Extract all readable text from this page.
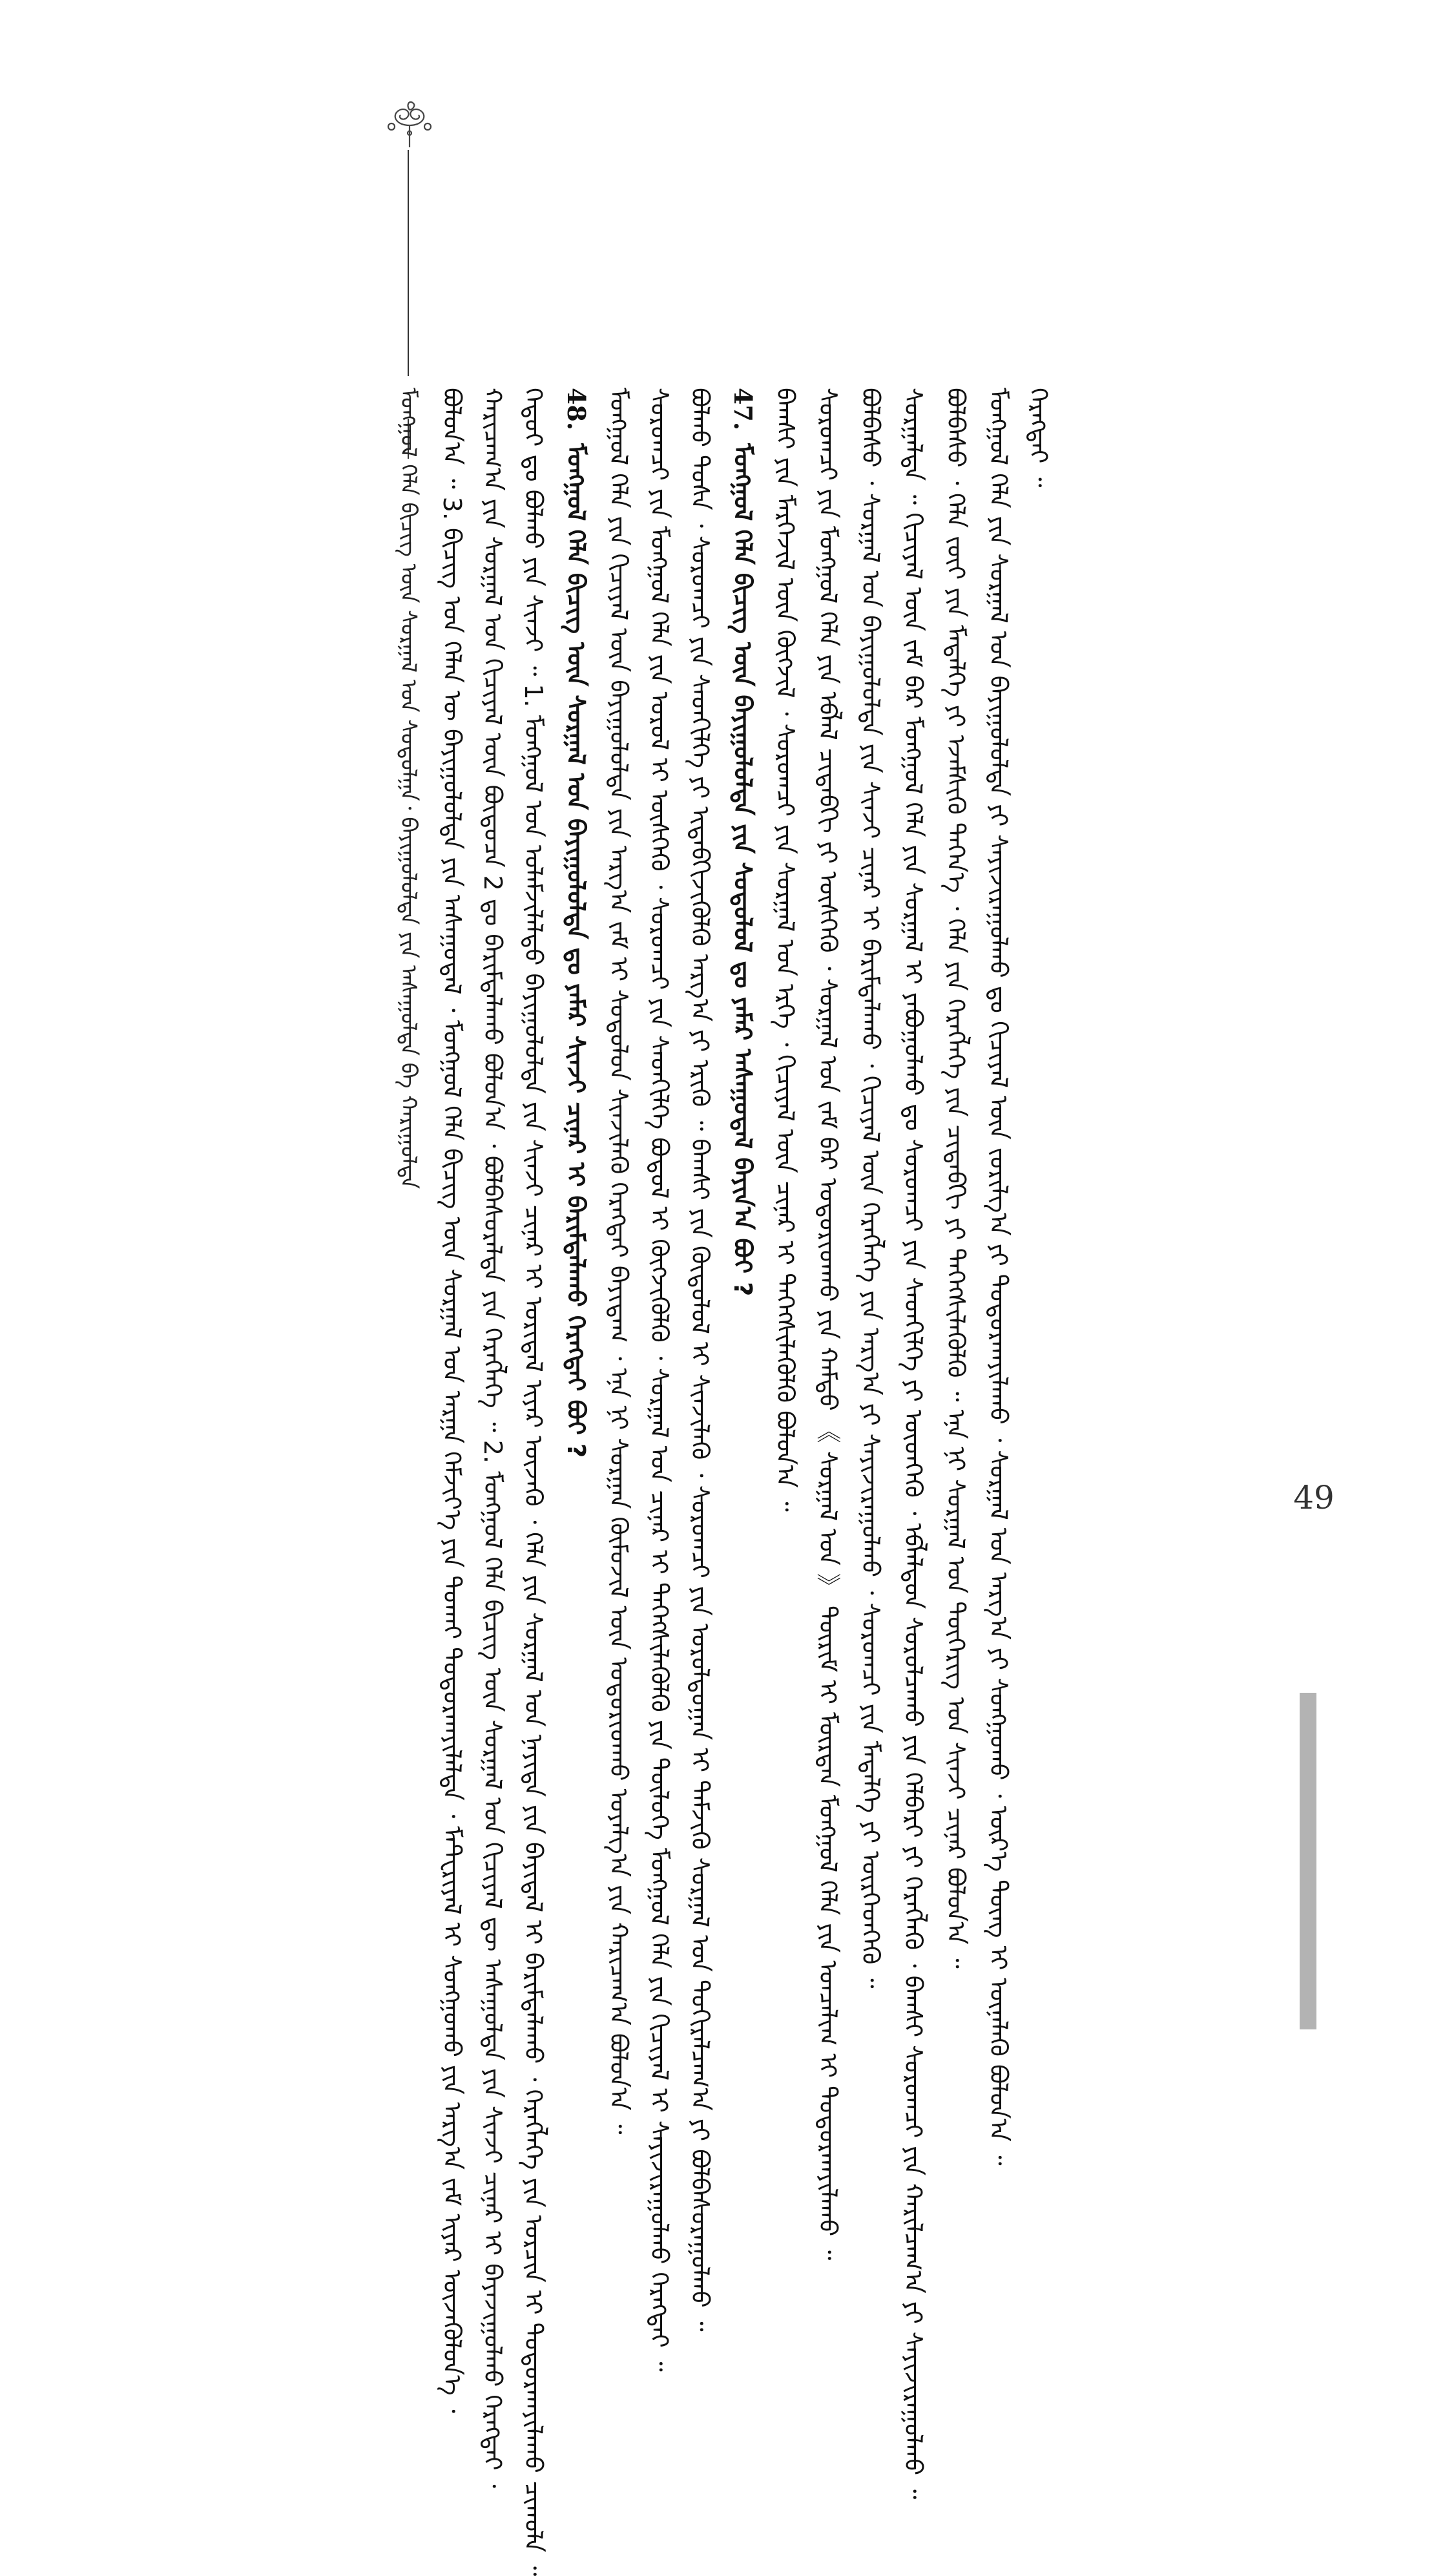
ᠮᠣᠩᠭᠣᠯ ᠬᠡᠯᠡ ᠪᠢᠴᠢᠭ ᠦᠨ ᠰᠤᠷᠭᠠᠯ ᠤᠨ ᠰᠤᠳᠤᠯᠭᠠ᠂ ᠪᠠᠶᠢᠭᠤᠯᠤᠯᠲᠠ ᠶᠢᠨ ᠠᠰᠠᠭᠤᠯᠲᠠ ᠪᠠ ᠬᠠᠷᠢᠭᠤᠯᠲᠠ ᠪᠣᠯᠤᠨ᠎ᠠ ᠃ 3. ᠪᠢᠴᠢᠭ ᠤᠨ ᠬᠡᠯᠡᠨ ᠦ ᠪᠠᠶᠢᠭᠤᠯᠤᠯᠲᠠ ᠶᠢᠨ ᠠᠰᠠᠭᠤᠳᠠᠯ ᠂ ᠮᠣᠩᠭᠣᠯ ᠬᠡᠯᠡ ᠪᠢᠴᠢᠭ ᠦᠨ ᠰᠤᠷᠭᠠᠯ ᠤᠨ ᠠᠷᠭᠠ ᠬᠡᠮᠵᠢᠶ᠎ᠡ ᠶᠢᠨ ᠲᠤᠬᠠᠢ ᠲᠣᠳᠤᠷᠬᠠᠶᠢᠯᠠᠯᠲᠠ ᠂ ᠮᠠᠲ᠋ᠧᠷᠢᠶᠠᠯ ᠢ ᠰᠣᠩᠭᠣᠬᠤ ᠶᠢᠨ ᠠᠷᠭ᠎ᠠ ᠵᠠᠮ ᠢᠶᠠᠷ ᠦᠵᠡᠭᠦᠯᠦᠨ᠎ᠡ ᠂ ᠬᠠᠷᠢᠴᠠᠭ᠎ᠠ ᠶᠢᠨ ᠰᠤᠷᠭᠠᠯ ᠤᠨ ᠬᠢᠴᠢᠶᠡᠯ ᠦᠨ ᠪᠦᠲᠦᠴᠡ 2 ᠳᠤ ᠪᠠᠷᠢᠮᠲᠠᠯᠠᠬᠤ ᠪᠣᠯᠤᠨ᠎ᠠ ᠂ ᠪᠣᠯᠪᠠᠰᠤᠷᠠᠯᠲᠠ ᠶᠢᠨ ᠬᠡᠷᠡᠭᠯᠡᠭᠡ ᠃ 2. ᠮᠣᠩᠭᠣᠯ ᠬᠡᠯᠡ ᠪᠢᠴᠢᠭ ᠦᠨ ᠰᠤᠷᠭᠠᠯ ᠤᠨ ᠬᠢᠴᠢᠶᠡᠯ ᠳᠦ ᠠᠰᠠᠭᠤᠯᠲᠠ ᠶᠢᠨ ᠰᠢᠨᠵᠢ ᠴᠢᠨᠠᠷ ᠢ ᠪᠠᠶᠠᠵᠢᠭᠤᠯᠬᠤ ᠬᠡᠷᠡᠭᠲᠡᠢ ᠂ ᠬᠡᠳᠦᠢ ᠳᠤ ᠪᠣᠯᠬᠤ ᠶᠢᠨ ᠰᠢᠨᠵᠢ ᠃ 1. ᠮᠣᠩᠭᠣᠯ ᠤᠨ ᠤᠯᠠᠮᠵᠢᠯᠠᠯᠲᠤ ᠪᠠᠶᠢᠭᠤᠯᠤᠯᠲᠠ ᠶᠢᠨ ᠰᠢᠨᠵᠢ ᠴᠢᠨᠠᠷ ᠢ ᠤᠷᠢᠳᠠᠯ ᠢᠶᠠᠷ ᠦᠵᠡᠬᠦ ᠂ ᠬᠡᠯᠡ ᠶᠢᠨ ᠰᠤᠷᠭᠠᠯ ᠤᠨ ᠨᠡᠶᠢᠲᠡ ᠶᠢᠨ ᠪᠠᠶᠢᠳᠠᠯ ᠢ ᠪᠠᠷᠢᠮᠲᠠᠯᠠᠬᠤ ᠂ ᠬᠡᠷᠡᠭᠯᠡᠭᠡ ᠶᠢᠨ ᠤᠷᠴᠢᠨ ᠢ ᠲᠣᠳᠤᠷᠬᠠᠶᠢᠯᠠᠬᠤ ᠴᠢᠬᠤᠯᠠ ᠃ 48.ᠮᠣᠩᠭᠣᠯ ᠬᠡᠯᠡ ᠪᠢᠴᠢᠭ ᠦᠨ ᠰᠤᠷᠭᠠᠯ ᠤᠨ ᠪᠠᠶᠢᠭᠤᠯᠤᠯᠲᠠ ᠳᠤ ᠶᠠᠮᠠᠷ ᠰᠢᠨᠵᠢ ᠴᠢᠨᠠᠷ ᠢ ᠪᠠᠷᠢᠮᠲᠠᠯᠠᠬᠤ ᠬᠡᠷᠡᠭᠲᠡᠢ ᠪᠤᠢ ? ᠮᠣᠩᠭᠣᠯ ᠬᠡᠯᠡ ᠶᠢᠨ ᠬᠢᠴᠢᠶᠡᠯ ᠦᠨ ᠪᠠᠶᠢᠭᠤᠯᠤᠯᠲᠠ ᠶᠢᠨ ᠠᠷᠭ᠎ᠠ ᠵᠠᠮ ᠢ ᠰᠤᠳᠤᠯᠤᠨ ᠰᠢᠨᠵᠢᠯᠡᠬᠦ ᠬᠡᠷᠡᠭᠲᠡᠢ ᠪᠠᠶᠢᠳᠠᠭ ᠂ ᠡᠨᠡ ᠨᠢ ᠰᠤᠷᠭᠠᠨ ᠬᠥᠮᠦᠵᠢᠯ ᠦᠨ ᠤᠳᠤᠷᠢᠳᠬᠤ ᠤᠶᠠᠯᠭ᠎ᠠ ᠶᠢᠨ ᠬᠠᠷᠢᠴᠠᠭ᠎ᠠ ᠪᠣᠯᠤᠨ᠎ᠠ ᠃ ᠰᠤᠷᠤᠭᠴᠢ ᠶᠢᠨ ᠮᠣᠩᠭᠣᠯ ᠬᠡᠯᠡ ᠶᠢᠨ ᠤᠷᠤᠯ ᠢ ᠥᠰᠬᠡᠬᠦ ᠂ ᠰᠤᠷᠤᠭᠴᠢ ᠶᠢᠨ ᠰᠡᠳᠬᠢᠯᠭᠡ ᠪᠣᠳᠤᠯ ᠢ ᠬᠥᠭᠵᠢᠭᠦᠯᠬᠦ ᠂ ᠰᠤᠷᠭᠠᠯ ᠤᠨ ᠴᠢᠨᠠᠷ ᠢ ᠳᠡᠭᠡᠭᠰᠢᠯᠡᠭᠦᠯᠬᠦ ᠶᠢᠨ ᠲᠥᠯᠥᠭᠡ ᠮᠣᠩᠭᠣᠯ ᠬᠡᠯᠡ ᠶᠢᠨ ᠬᠢᠴᠢᠶᠡᠯ ᠢ ᠰᠠᠶᠢᠵᠢᠷᠠᠭᠤᠯᠬᠤ ᠬᠡᠷᠡᠭᠲᠡᠢ ᠃ ᠪᠣᠯᠬᠤ ᠲᠤᠰᠠ ᠂ ᠰᠤᠷᠤᠭᠴᠢ ᠶᠢᠨ ᠰᠡᠳᠬᠢᠯᠭᠡ ᠶᠢ ᠢᠳᠡᠪᠬᠢᠵᠢᠭᠦᠯᠬᠦ ᠠᠷᠭ᠎ᠠ ᠶᠢ ᠡᠷᠢᠬᠦ ᠃ ᠪᠠᠭᠰᠢ ᠶᠢᠨ ᠬᠦᠳᠦᠯᠦᠯ ᠢ ᠰᠢᠨᠵᠢᠯᠡᠬᠦ ᠂ ᠰᠤᠷᠤᠭᠴᠢ ᠶᠢᠨ ᠤᠷᠤᠯᠳᠤᠭᠠᠨ ᠢ ᠳᠡᠮᠵᠢᠬᠦ ᠰᠤᠷᠭᠠᠯ ᠤᠨ ᠲᠣᠬᠢᠷᠠᠯᠴᠠᠭ᠎ᠠ ᠶᠢ ᠪᠣᠯᠪᠠᠰᠤᠷᠠᠭᠤᠯᠬᠤ ᠃ 47.ᠮᠣᠩᠭᠣᠯ ᠬᠡᠯᠡ ᠪᠢᠴᠢᠭ ᠦᠨ ᠪᠠᠶᠢᠭᠤᠯᠤᠯᠲᠠ ᠶᠢᠨ ᠰᠤᠳᠤᠯᠤᠯ ᠳᠤ ᠶᠠᠮᠠᠷ ᠠᠰᠠᠭᠤᠳᠠᠯ ᠪᠠᠶᠢᠨ᠎ᠠ ᠪᠤᠢ ? ᠪᠠᠭᠰᠢ ᠶᠢᠨ ᠮᠡᠷᠭᠡᠵᠢᠯ ᠦᠨ ᠬᠥᠭᠵᠢᠯ ᠂ ᠰᠤᠷᠤᠭᠴᠢ ᠶᠢᠨ ᠰᠤᠷᠭᠠᠯ ᠤᠨ ᠡᠷᠬᠡ ᠂ ᠬᠢᠴᠢᠶᠡᠯ ᠦᠨ ᠴᠢᠨᠠᠷ ᠢ ᠳᠡᠭᠡᠭᠰᠢᠯᠡᠭᠦᠯᠬᠦ ᠪᠣᠯᠤᠨ᠎ᠠ ᠃ ᠰᠤᠷᠤᠭᠴᠢ ᠶᠢᠨ ᠮᠣᠩᠭᠣᠯ ᠬᠡᠯᠡ ᠶᠢᠨ ᠡᠪᠯᠡᠯ ᠴᠢᠳᠠᠪᠬᠢ ᠶᠢ ᠥᠰᠬᠡᠬᠦ ᠂ ᠰᠤᠷᠭᠠᠯ ᠤᠨ ᠵᠠᠮ ᠪᠠᠷ ᠤᠳᠤᠷᠢᠳᠬᠤ ᠶᠢᠨ ᠬᠠᠮᠲᠤ 《 ᠰᠤᠷᠭᠠᠯ ᠤᠨ 》 ᠳᠦᠷᠢᠮ ᠢ ᠮᠥᠷᠳᠡᠨ ᠮᠣᠩᠭᠣᠯ ᠬᠡᠯᠡ ᠶᠢᠨ ᠣᠨᠴᠠᠯᠢᠭ ᠢ ᠲᠣᠳᠤᠷᠬᠠᠶᠢᠯᠠᠬᠤ ᠃ ᠪᠣᠯᠪᠠᠰᠤ ᠂ ᠰᠤᠷᠭᠠᠯ ᠤᠨ ᠪᠠᠶᠢᠭᠤᠯᠤᠯᠲᠠ ᠶᠢᠨ ᠰᠢᠨᠵᠢ ᠴᠢᠨᠠᠷ ᠢ ᠪᠠᠷᠢᠮᠲᠠᠯᠠᠬᠤ ᠂ ᠬᠢᠴᠢᠶᠡᠯ ᠦᠨ ᠬᠡᠷᠡᠭᠯᠡᠭᠡ ᠶᠢᠨ ᠠᠷᠭ᠎ᠠ ᠶᠢ ᠰᠠᠶᠢᠵᠢᠷᠠᠭᠤᠯᠬᠤ ᠂ ᠰᠤᠷᠤᠭᠴᠢ ᠶᠢᠨ ᠮᠡᠳᠡᠯᠭᠡ ᠶᠢ ᠥᠷᠭᠡᠳᠭᠡᠬᠦ ᠃ ᠰᠤᠷᠭᠠᠯᠲᠠ ᠃ ᠬᠢᠴᠢᠶᠡᠯ ᠦᠨ ᠵᠠᠮ ᠪᠠᠷ ᠮᠣᠩᠭᠣᠯ ᠬᠡᠯᠡ ᠶᠢᠨ ᠰᠤᠷᠭᠠᠯ ᠢ ᠶᠠᠪᠤᠭᠤᠯᠬᠤ ᠳᠤ ᠰᠤᠷᠤᠭᠴᠢ ᠶᠢᠨ ᠰᠡᠳᠬᠢᠯᠭᠡ ᠶᠢ ᠥᠳᠬᠡᠬᠦ ᠂ ᠡᠪᠯᠡᠯᠳᠦᠨ ᠰᠤᠷᠤᠯᠴᠠᠬᠤ ᠶᠢᠨ ᠬᠡᠯᠪᠡᠷᠢ ᠶᠢ ᠬᠡᠷᠡᠭᠯᠡᠬᠦ ᠂ ᠪᠠᠭᠰᠢ ᠰᠤᠷᠤᠭᠴᠢ ᠶᠢᠨ ᠬᠠᠷᠢᠯᠴᠠᠭ᠎ᠠ ᠶᠢ ᠰᠠᠶᠢᠵᠢᠷᠠᠭᠤᠯᠬᠤ ᠃ ᠪᠣᠯᠪᠠᠰᠤ ᠂ ᠬᠡᠯᠡ ᠵᠦᠢ ᠶᠢᠨ ᠮᠡᠳᠡᠯᠭᠡ ᠶᠢ ᠡᠵᠡᠮᠰᠢᠬᠦ ᠳᠡᠭᠡᠨ᠎ᠡ ᠂ ᠬᠡᠯᠡ ᠶᠢᠨ ᠬᠡᠷᠡᠭᠯᠡᠭᠡ ᠶᠢᠨ ᠴᠢᠳᠠᠪᠬᠢ ᠶᠢ ᠳᠡᠭᠡᠭᠰᠢᠯᠡᠭᠦᠯᠬᠦ ᠃ ᠡᠨᠡ ᠨᠢ ᠰᠤᠷᠭᠠᠯ ᠤᠨ ᠲᠥᠭᠡᠷᠢᠭ ᠤᠨ ᠰᠢᠨᠵᠢ ᠴᠢᠨᠠᠷ ᠪᠣᠯᠤᠨ᠎ᠠ ᠃ ᠮᠣᠩᠭᠣᠯ ᠬᠡᠯᠡ ᠶᠢᠨ ᠰᠤᠷᠭᠠᠯ ᠤᠨ ᠪᠠᠶᠢᠭᠤᠯᠤᠯᠲᠠ ᠶᠢ ᠰᠠᠶᠢᠵᠢᠷᠠᠭᠤᠯᠬᠤ ᠳᠤ ᠬᠢᠴᠢᠶᠡᠯ ᠦᠨ ᠵᠣᠷᠢᠯᠭ᠎ᠠ ᠶᠢ ᠲᠣᠳᠤᠷᠬᠠᠶᠢᠯᠠᠬᠤ ᠂ ᠰᠤᠷᠭᠠᠯ ᠤᠨ ᠠᠷᠭ᠎ᠠ ᠶᠢ ᠰᠤᠩᠭᠣᠬᠤ ᠂ ᠦᠷ᠎ᠡ ᠳᠦᠩ ᠢ ᠦᠨᠡᠯᠡᠬᠦ ᠪᠣᠯᠤᠨ᠎ᠠ ᠃ ᠬᠡᠷᠡᠭᠲᠡᠢ ᠃
49
